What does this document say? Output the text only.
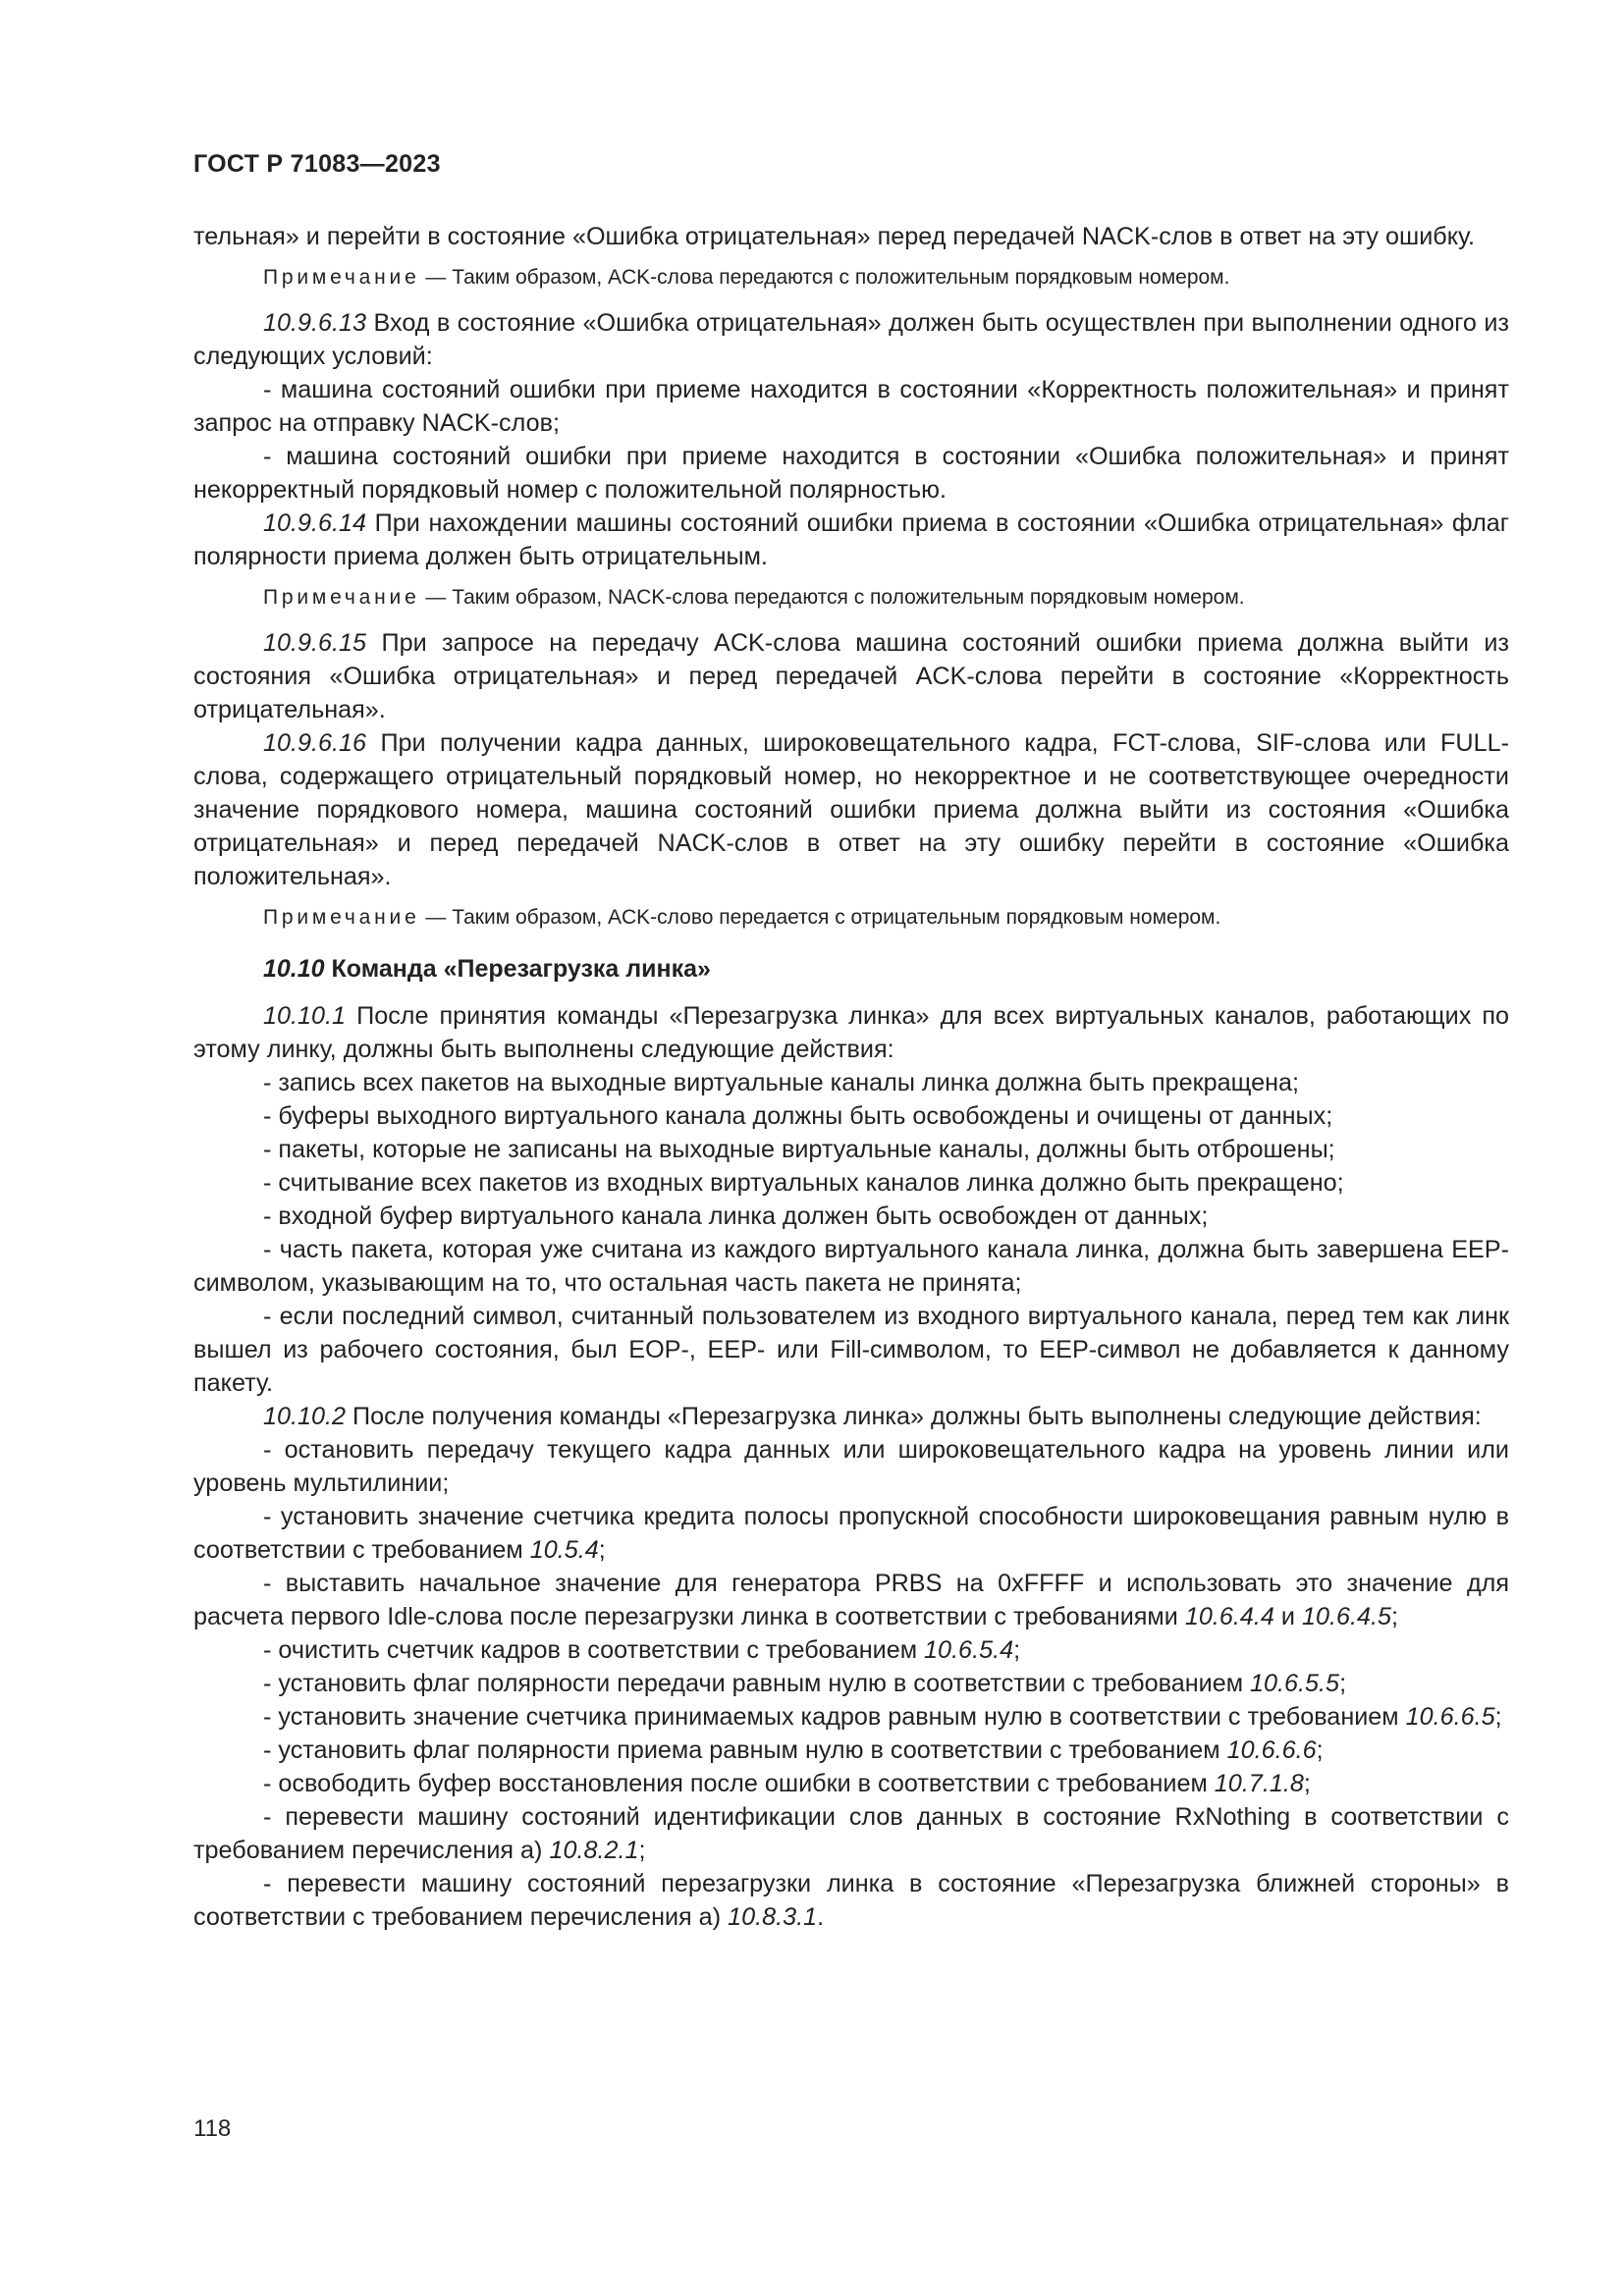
ГОСТ Р 71083—2023

тельная» и перейти в состояние «Ошибка отрицательная» перед передачей NACK-слов в ответ на эту ошибку.

Примечание — Таким образом, ACK-слова передаются с положительным порядковым номером.

10.9.6.13 Вход в состояние «Ошибка отрицательная» должен быть осуществлен при выполнении одного из следующих условий:

- машина состояний ошибки при приеме находится в состоянии «Корректность положительная» и принят запрос на отправку NACK-слов;

- машина состояний ошибки при приеме находится в состоянии «Ошибка положительная» и принят некорректный порядковый номер с положительной полярностью.

10.9.6.14 При нахождении машины состояний ошибки приема в состоянии «Ошибка отрицательная» флаг полярности приема должен быть отрицательным.

Примечание — Таким образом, NACK-слова передаются с положительным порядковым номером.

10.9.6.15 При запросе на передачу ACK-слова машина состояний ошибки приема должна выйти из состояния «Ошибка отрицательная» и перед передачей ACK-слова перейти в состояние «Корректность отрицательная».

10.9.6.16 При получении кадра данных, широковещательного кадра, FCT-слова, SIF-слова или FULL-слова, содержащего отрицательный порядковый номер, но некорректное и не соответствующее очередности значение порядкового номера, машина состояний ошибки приема должна выйти из состояния «Ошибка отрицательная» и перед передачей NACK-слов в ответ на эту ошибку перейти в состояние «Ошибка положительная».

Примечание — Таким образом, ACK-слово передается с отрицательным порядковым номером.

10.10 Команда «Перезагрузка линка»

10.10.1 После принятия команды «Перезагрузка линка» для всех виртуальных каналов, работающих по этому линку, должны быть выполнены следующие действия:

- запись всех пакетов на выходные виртуальные каналы линка должна быть прекращена;

- буферы выходного виртуального канала должны быть освобождены и очищены от данных;

- пакеты, которые не записаны на выходные виртуальные каналы, должны быть отброшены;

- считывание всех пакетов из входных виртуальных каналов линка должно быть прекращено;

- входной буфер виртуального канала линка должен быть освобожден от данных;

- часть пакета, которая уже считана из каждого виртуального канала линка, должна быть завершена EEP-символом, указывающим на то, что остальная часть пакета не принята;

- если последний символ, считанный пользователем из входного виртуального канала, перед тем как линк вышел из рабочего состояния, был EOP-, EEP- или Fill-символом, то EEP-символ не добавляется к данному пакету.

10.10.2 После получения команды «Перезагрузка линка» должны быть выполнены следующие действия:

- остановить передачу текущего кадра данных или широковещательного кадра на уровень линии или уровень мультилинии;

- установить значение счетчика кредита полосы пропускной способности широковещания равным нулю в соответствии с требованием 10.5.4;

- выставить начальное значение для генератора PRBS на 0xFFFF и использовать это значение для расчета первого Idle-слова после перезагрузки линка в соответствии с требованиями 10.6.4.4 и 10.6.4.5;

- очистить счетчик кадров в соответствии с требованием 10.6.5.4;

- установить флаг полярности передачи равным нулю в соответствии с требованием 10.6.5.5;

- установить значение счетчика принимаемых кадров равным нулю в соответствии с требованием 10.6.6.5;

- установить флаг полярности приема равным нулю в соответствии с требованием 10.6.6.6;

- освободить буфер восстановления после ошибки в соответствии с требованием 10.7.1.8;

- перевести машину состояний идентификации слов данных в состояние RxNothing в соответствии с требованием перечисления а) 10.8.2.1;

- перевести машину состояний перезагрузки линка в состояние «Перезагрузка ближней стороны» в соответствии с требованием перечисления а) 10.8.3.1.

118
